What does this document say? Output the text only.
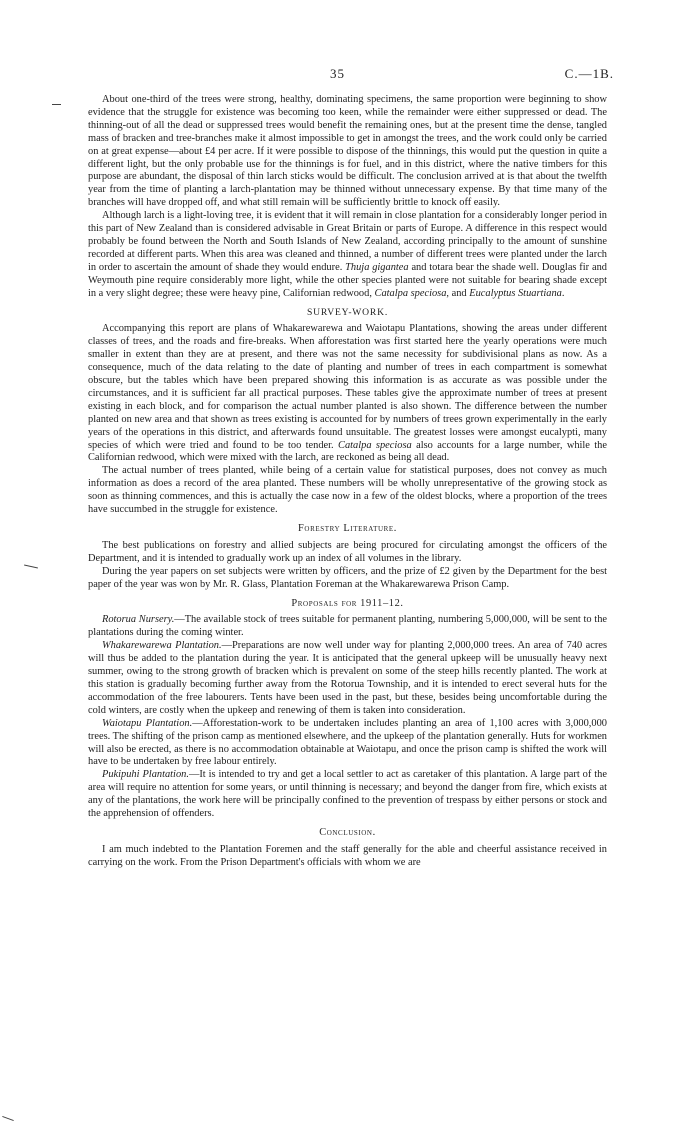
35	C.—1B.

About one-third of the trees were strong, healthy, dominating specimens, the same proportion were beginning to show evidence that the struggle for existence was becoming too keen, while the remainder were either suppressed or dead. The thinning-out of all the dead or suppressed trees would benefit the remaining ones, but at the present time the dense, tangled mass of bracken and tree-branches make it almost impossible to get in amongst the trees, and the work could only be carried on at great expense—about £4 per acre. If it were possible to dispose of the thinnings, this would put the question in quite a different light, but the only probable use for the thinnings is for fuel, and in this district, where the native timbers for this purpose are abundant, the disposal of thin larch sticks would be difficult. The conclusion arrived at is that about the twelfth year from the time of planting a larch-plantation may be thinned without unnecessary expense. By that time many of the branches will have dropped off, and what still remain will be sufficiently brittle to knock off easily.

Although larch is a light-loving tree, it is evident that it will remain in close plantation for a considerably longer period in this part of New Zealand than is considered advisable in Great Britain or parts of Europe. A difference in this respect would probably be found between the North and South Islands of New Zealand, according principally to the amount of sunshine recorded at different parts. When this area was cleaned and thinned, a number of different trees were planted under the larch in order to ascertain the amount of shade they would endure. Thuja gigantea and totara bear the shade well. Douglas fir and Weymouth pine require considerably more light, while the other species planted were not suitable for bearing shade except in a very slight degree; these were heavy pine, Californian redwood, Catalpa speciosa, and Eucalyptus Stuartiana.

SURVEY-WORK.

Accompanying this report are plans of Whakarewarewa and Waiotapu Plantations, showing the areas under different classes of trees, and the roads and fire-breaks. When afforestation was first started here the yearly operations were much smaller in extent than they are at present, and there was not the same necessity for subdivisional plans as now. As a consequence, much of the data relating to the date of planting and number of trees in each compartment is somewhat obscure, but the tables which have been prepared showing this information is as accurate as was possible under the circumstances, and it is sufficient far all practical purposes. These tables give the approximate number of trees at present existing in each block, and for comparison the actual number planted is also shown. The difference between the number planted on new area and that shown as trees existing is accounted for by numbers of trees grown experimentally in the early years of the operations in this district, and afterwards found unsuitable. The greatest losses were amongst eucalypti, many species of which were tried and found to be too tender. Catalpa speciosa also accounts for a large number, while the Californian redwood, which were mixed with the larch, are reckoned as being all dead.

The actual number of trees planted, while being of a certain value for statistical purposes, does not convey as much information as does a record of the area planted. These numbers will be wholly unrepresentative of the growing stock as soon as thinning commences, and this is actually the case now in a few of the oldest blocks, where a proportion of the trees have succumbed in the struggle for existence.

Forestry Literature.

The best publications on forestry and allied subjects are being procured for circulating amongst the officers of the Department, and it is intended to gradually work up an index of all volumes in the library.

During the year papers on set subjects were written by officers, and the prize of £2 given by the Department for the best paper of the year was won by Mr. R. Glass, Plantation Foreman at the Whakarewarewa Prison Camp.

Proposals for 1911–12.

Rotorua Nursery.—The available stock of trees suitable for permanent planting, numbering 5,000,000, will be sent to the plantations during the coming winter.

Whakarewarewa Plantation.—Preparations are now well under way for planting 2,000,000 trees. An area of 740 acres will thus be added to the plantation during the year. It is anticipated that the general upkeep will be unusually heavy next summer, owing to the strong growth of bracken which is prevalent on some of the steep hills recently planted. The work at this station is gradually becoming further away from the Rotorua Township, and it is intended to erect several huts for the accommodation of the free labourers. Tents have been used in the past, but these, besides being uncomfortable during the cold winters, are costly when the upkeep and renewing of them is taken into consideration.

Waiotapu Plantation.—Afforestation-work to be undertaken includes planting an area of 1,100 acres with 3,000,000 trees. The shifting of the prison camp as mentioned elsewhere, and the upkeep of the plantation generally. Huts for workmen will also be erected, as there is no accommodation obtainable at Waiotapu, and once the prison camp is shifted the work will have to be undertaken by free labour entirely.

Pukipuhi Plantation.—It is intended to try and get a local settler to act as caretaker of this plantation. A large part of the area will require no attention for some years, or until thinning is necessary; and beyond the danger from fire, which exists at any of the plantations, the work here will be principally confined to the prevention of trespass by either persons or stock and the apprehension of offenders.

Conclusion.

I am much indebted to the Plantation Foremen and the staff generally for the able and cheerful assistance received in carrying on the work. From the Prison Department's officials with whom we are
